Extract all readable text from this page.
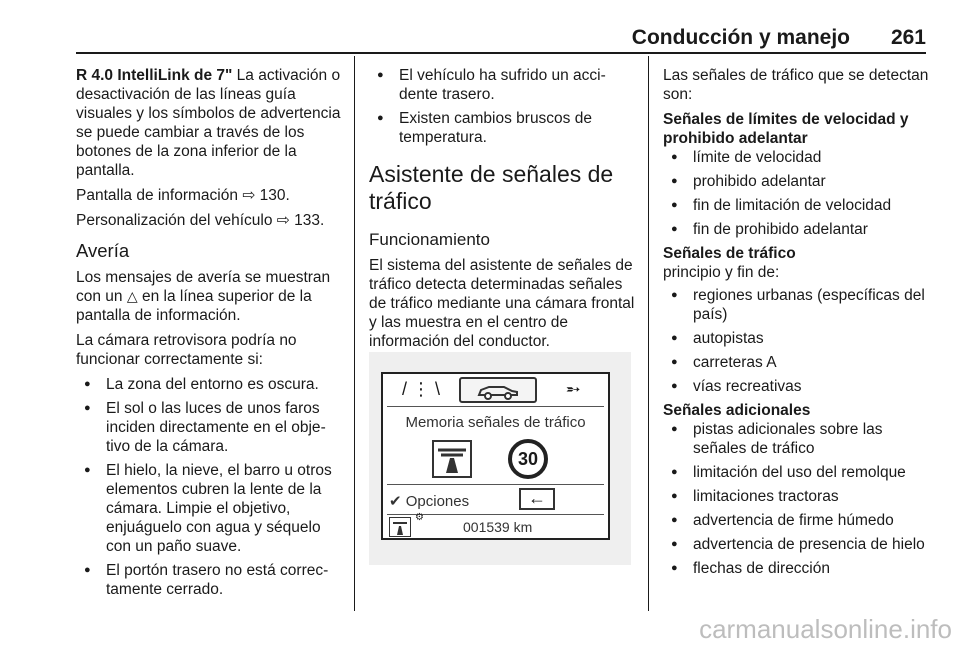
Conducción y manejo 261

R 4.0 IntelliLink de 7" La activación o desactivación de las líneas guía visuales y los símbolos de advertencia se puede cambiar a través de los botones de la zona inferior de la pantalla.

Pantalla de información ⇨ 130.

Personalización del vehículo ⇨ 133.

Avería

Los mensajes de avería se muestran con un △ en la línea superior de la pantalla de información.

La cámara retrovisora podría no funcionar correctamente si:

● La zona del entorno es oscura.
● El sol o las luces de unos faros inciden directamente en el objetivo de la cámara.
● El hielo, la nieve, el barro u otros elementos cubren la lente de la cámara. Limpie el objetivo, enjuáguelo con agua y séquelo con un paño suave.
● El portón trasero no está correctamente cerrado.
● El vehículo ha sufrido un accidente trasero.
● Existen cambios bruscos de temperatura.
Asistente de señales de tráfico
Funcionamiento

El sistema del asistente de señales de tráfico detecta determinadas señales de tráfico mediante una cámara frontal y las muestra en el centro de información del conductor.

/ ⋮ \	➵
Memoria señales de tráfico
30
✔ Opciones	←
⚙
001539 km

Las señales de tráfico que se detectan son:

Señales de límites de velocidad y prohibido adelantar
● límite de velocidad
● prohibido adelantar
● fin de limitación de velocidad
● fin de prohibido adelantar
Señales de tráfico
principio y fin de:
● regiones urbanas (específicas del país)
● autopistas
● carreteras A
● vías recreativas
Señales adicionales
● pistas adicionales sobre las señales de tráfico
● limitación del uso del remolque
● limitaciones tractoras
● advertencia de firme húmedo
● advertencia de presencia de hielo
● flechas de dirección
carmanualsonline.info
